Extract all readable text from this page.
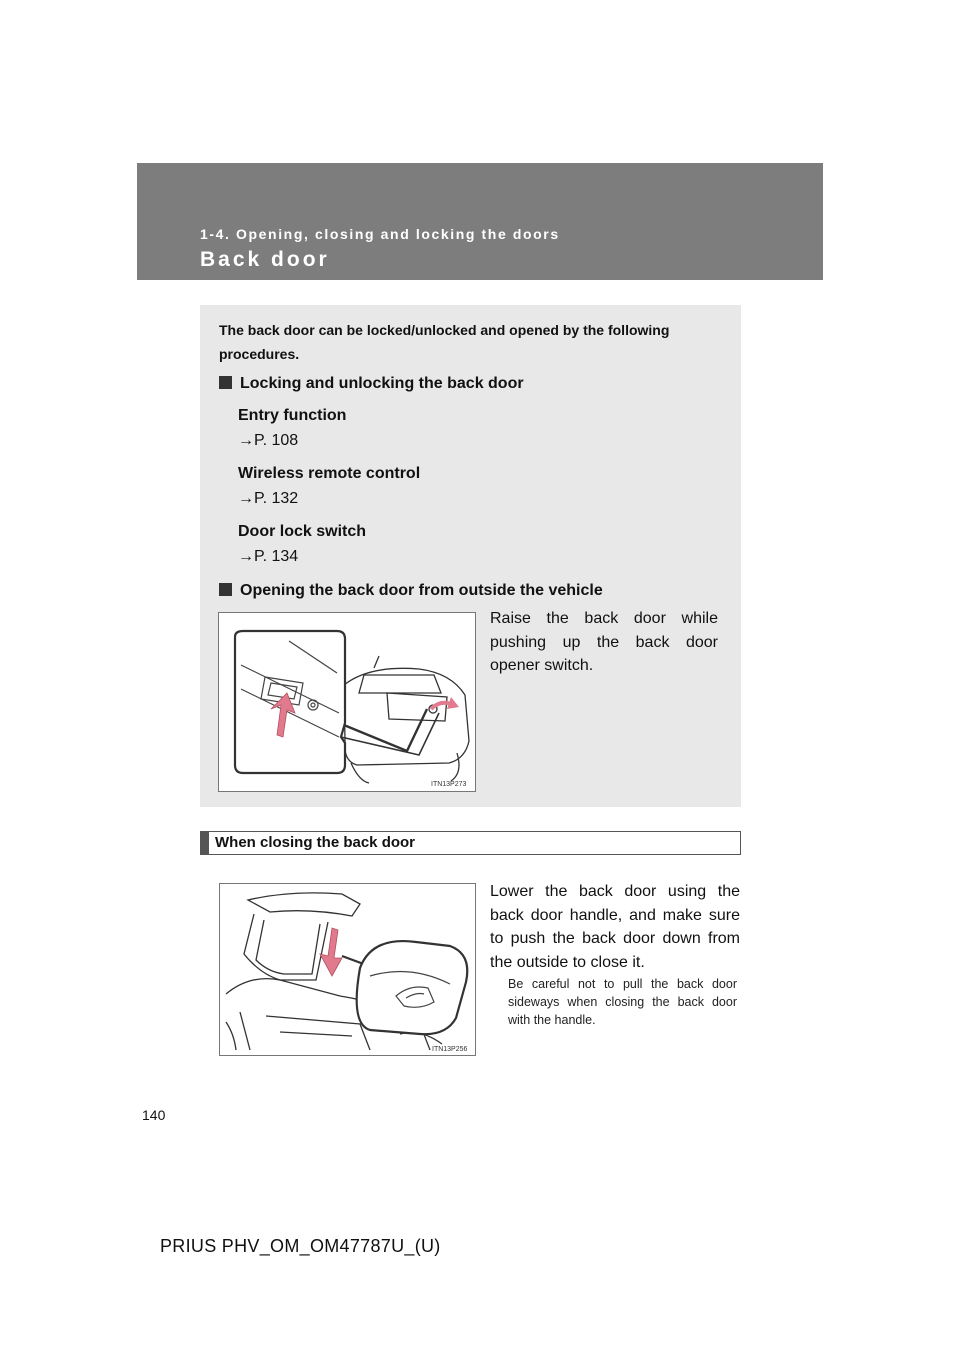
1-4. Opening, closing and locking the doors
Back door

The back door can be locked/unlocked and opened by the following procedures.

Locking and unlocking the back door
Entry function
→P. 108
Wireless remote control
→P. 132
Door lock switch
→P. 134
Opening the back door from outside the vehicle

Raise the back door while pushing up the back door opener switch.

ITN13P273
When closing the back door
ITN13P256

Lower the back door using the back door handle, and make sure to push the back door down from the outside to close it.

Be careful not to pull the back door sideways when closing the back door with the handle.

140
PRIUS PHV_OM_OM47787U_(U)
